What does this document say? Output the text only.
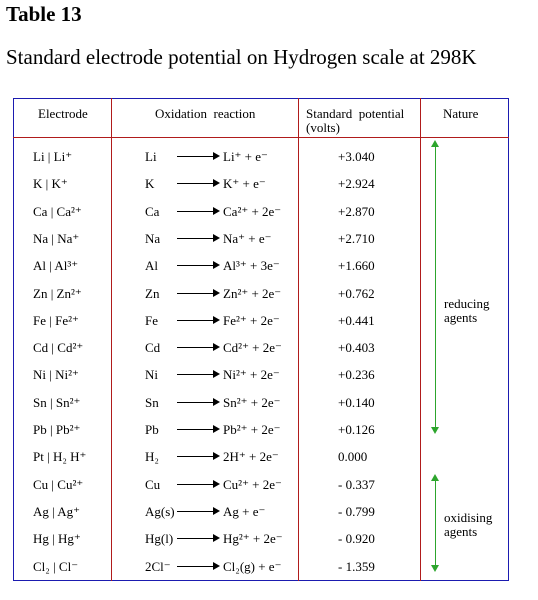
Table 13
Standard electrode potential on Hydrogen scale at 298K
Electrode	Oxidation  reaction	Standard  potential
(volts)
Nature
Li | Li⁺	Li	Li⁺ + e⁻	+3.040
K | K⁺	K	K⁺ + e⁻	+2.924
Ca | Ca²⁺	Ca	Ca²⁺ + 2e⁻	+2.870
Na | Na⁺	Na	Na⁺ + e⁻	+2.710
Al | Al³⁺	Al	Al³⁺ + 3e⁻	+1.660
Zn | Zn²⁺	Zn	Zn²⁺ + 2e⁻	+0.762
Fe | Fe²⁺	Fe	Fe²⁺ + 2e⁻	+0.441
Cd | Cd²⁺	Cd	Cd²⁺ + 2e⁻	+0.403
Ni | Ni²⁺	Ni	Ni²⁺ + 2e⁻	+0.236
Sn | Sn²⁺	Sn	Sn²⁺ + 2e⁻	+0.140
Pb | Pb²⁺	Pb	Pb²⁺ + 2e⁻	+0.126
Pt | H₂ H⁺	H₂	2H⁺ + 2e⁻	0.000
Cu | Cu²⁺	Cu	Cu²⁺ + 2e⁻	- 0.337
Ag | Ag⁺	Ag(s)	Ag + e⁻	- 0.799
Hg | Hg⁺	Hg(l)	Hg²⁺ + 2e⁻	- 0.920
Cl₂ | Cl⁻	2Cl⁻	Cl₂(g) + e⁻	- 1.359
reducing
agents
oxidising
agents
